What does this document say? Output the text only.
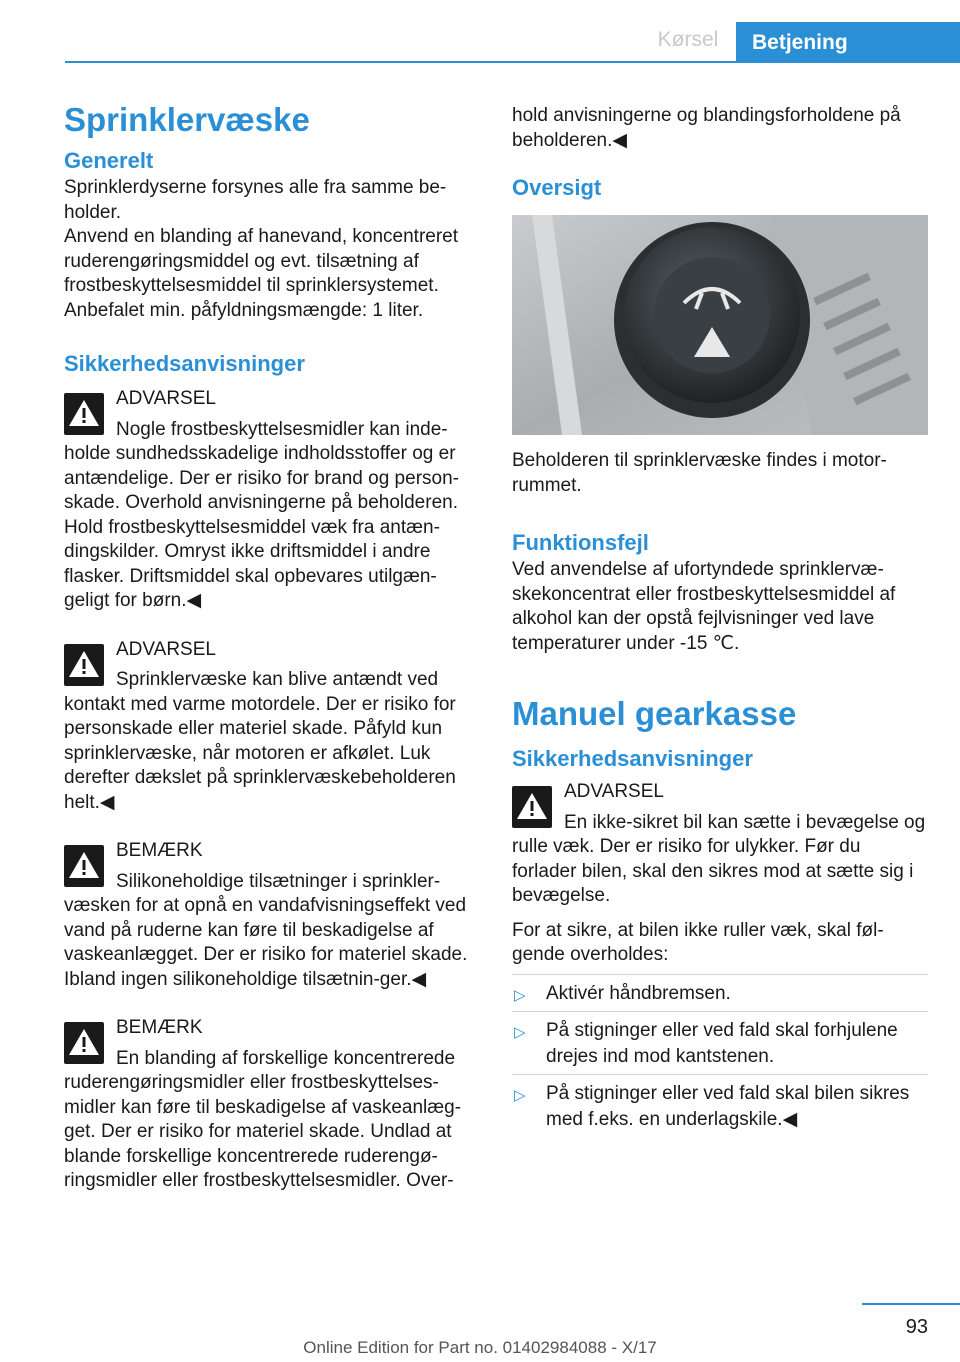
Kørsel	Betjening
Sprinklervæske
Generelt

Sprinklerdyserne forsynes alle fra samme be‐holder.

Anvend en blanding af hanevand, koncentreret ruderengøringsmiddel og evt. tilsætning af frostbeskyttelsesmiddel til sprinklersystemet.

Anbefalet min. påfyldningsmængde: 1 liter.

Sikkerhedsanvisninger

ADVARSEL

Nogle frostbeskyttelsesmidler kan inde‐holde sundhedsskadelige indholdsstoffer og er antændelige. Der er risiko for brand og person‐skade. Overhold anvisningerne på beholderen. Hold frostbeskyttelsesmiddel væk fra antæn‐dingskilder. Omryst ikke driftsmiddel i andre flasker. Driftsmiddel skal opbevares utilgæn‐geligt for børn.◀

ADVARSEL

Sprinklervæske kan blive antændt ved kontakt med varme motordele. Der er risiko for personskade eller materiel skade. Påfyld kun sprinklervæske, når motoren er afkølet. Luk derefter dækslet på sprinklervæskebeholderen helt.◀

BEMÆRK

Silikoneholdige tilsætninger i sprinkler‐væsken for at opnå en vandafvisningseffekt ved vand på ruderne kan føre til beskadigelse af vaskeanlægget. Der er risiko for materiel skade. Ibland ingen silikoneholdige tilsætnin‐ger.◀

BEMÆRK

En blanding af forskellige koncentrerede ruderengøringsmidler eller frostbeskyttelses‐midler kan føre til beskadigelse af vaskeanlæg‐get. Der er risiko for materiel skade. Undlad at blande forskellige koncentrerede ruderengø‐ringsmidler eller frostbeskyttelsesmidler. Over‐

hold anvisningerne og blandingsforholdene på beholderen.◀

Oversigt

Beholderen til sprinklervæske findes i motor‐rummet.

Funktionsfejl

Ved anvendelse af ufortyndede sprinklervæ‐skekoncentrat eller frostbeskyttelsesmiddel af alkohol kan der opstå fejlvisninger ved lave temperaturer under -15 ℃.

Manuel gearkasse
Sikkerhedsanvisninger

ADVARSEL

En ikke-sikret bil kan sætte i bevægelse og rulle væk. Der er risiko for ulykker. Før du forlader bilen, skal den sikres mod at sætte sig i bevægelse.

For at sikre, at bilen ikke ruller væk, skal føl‐gende overholdes:

▷ Aktivér håndbremsen.
▷ På stigninger eller ved fald skal forhjulene drejes ind mod kantstenen.
▷ På stigninger eller ved fald skal bilen sikres med f.eks. en underlagskile.◀
93
Online Edition for Part no. 01402984088 - X/17
